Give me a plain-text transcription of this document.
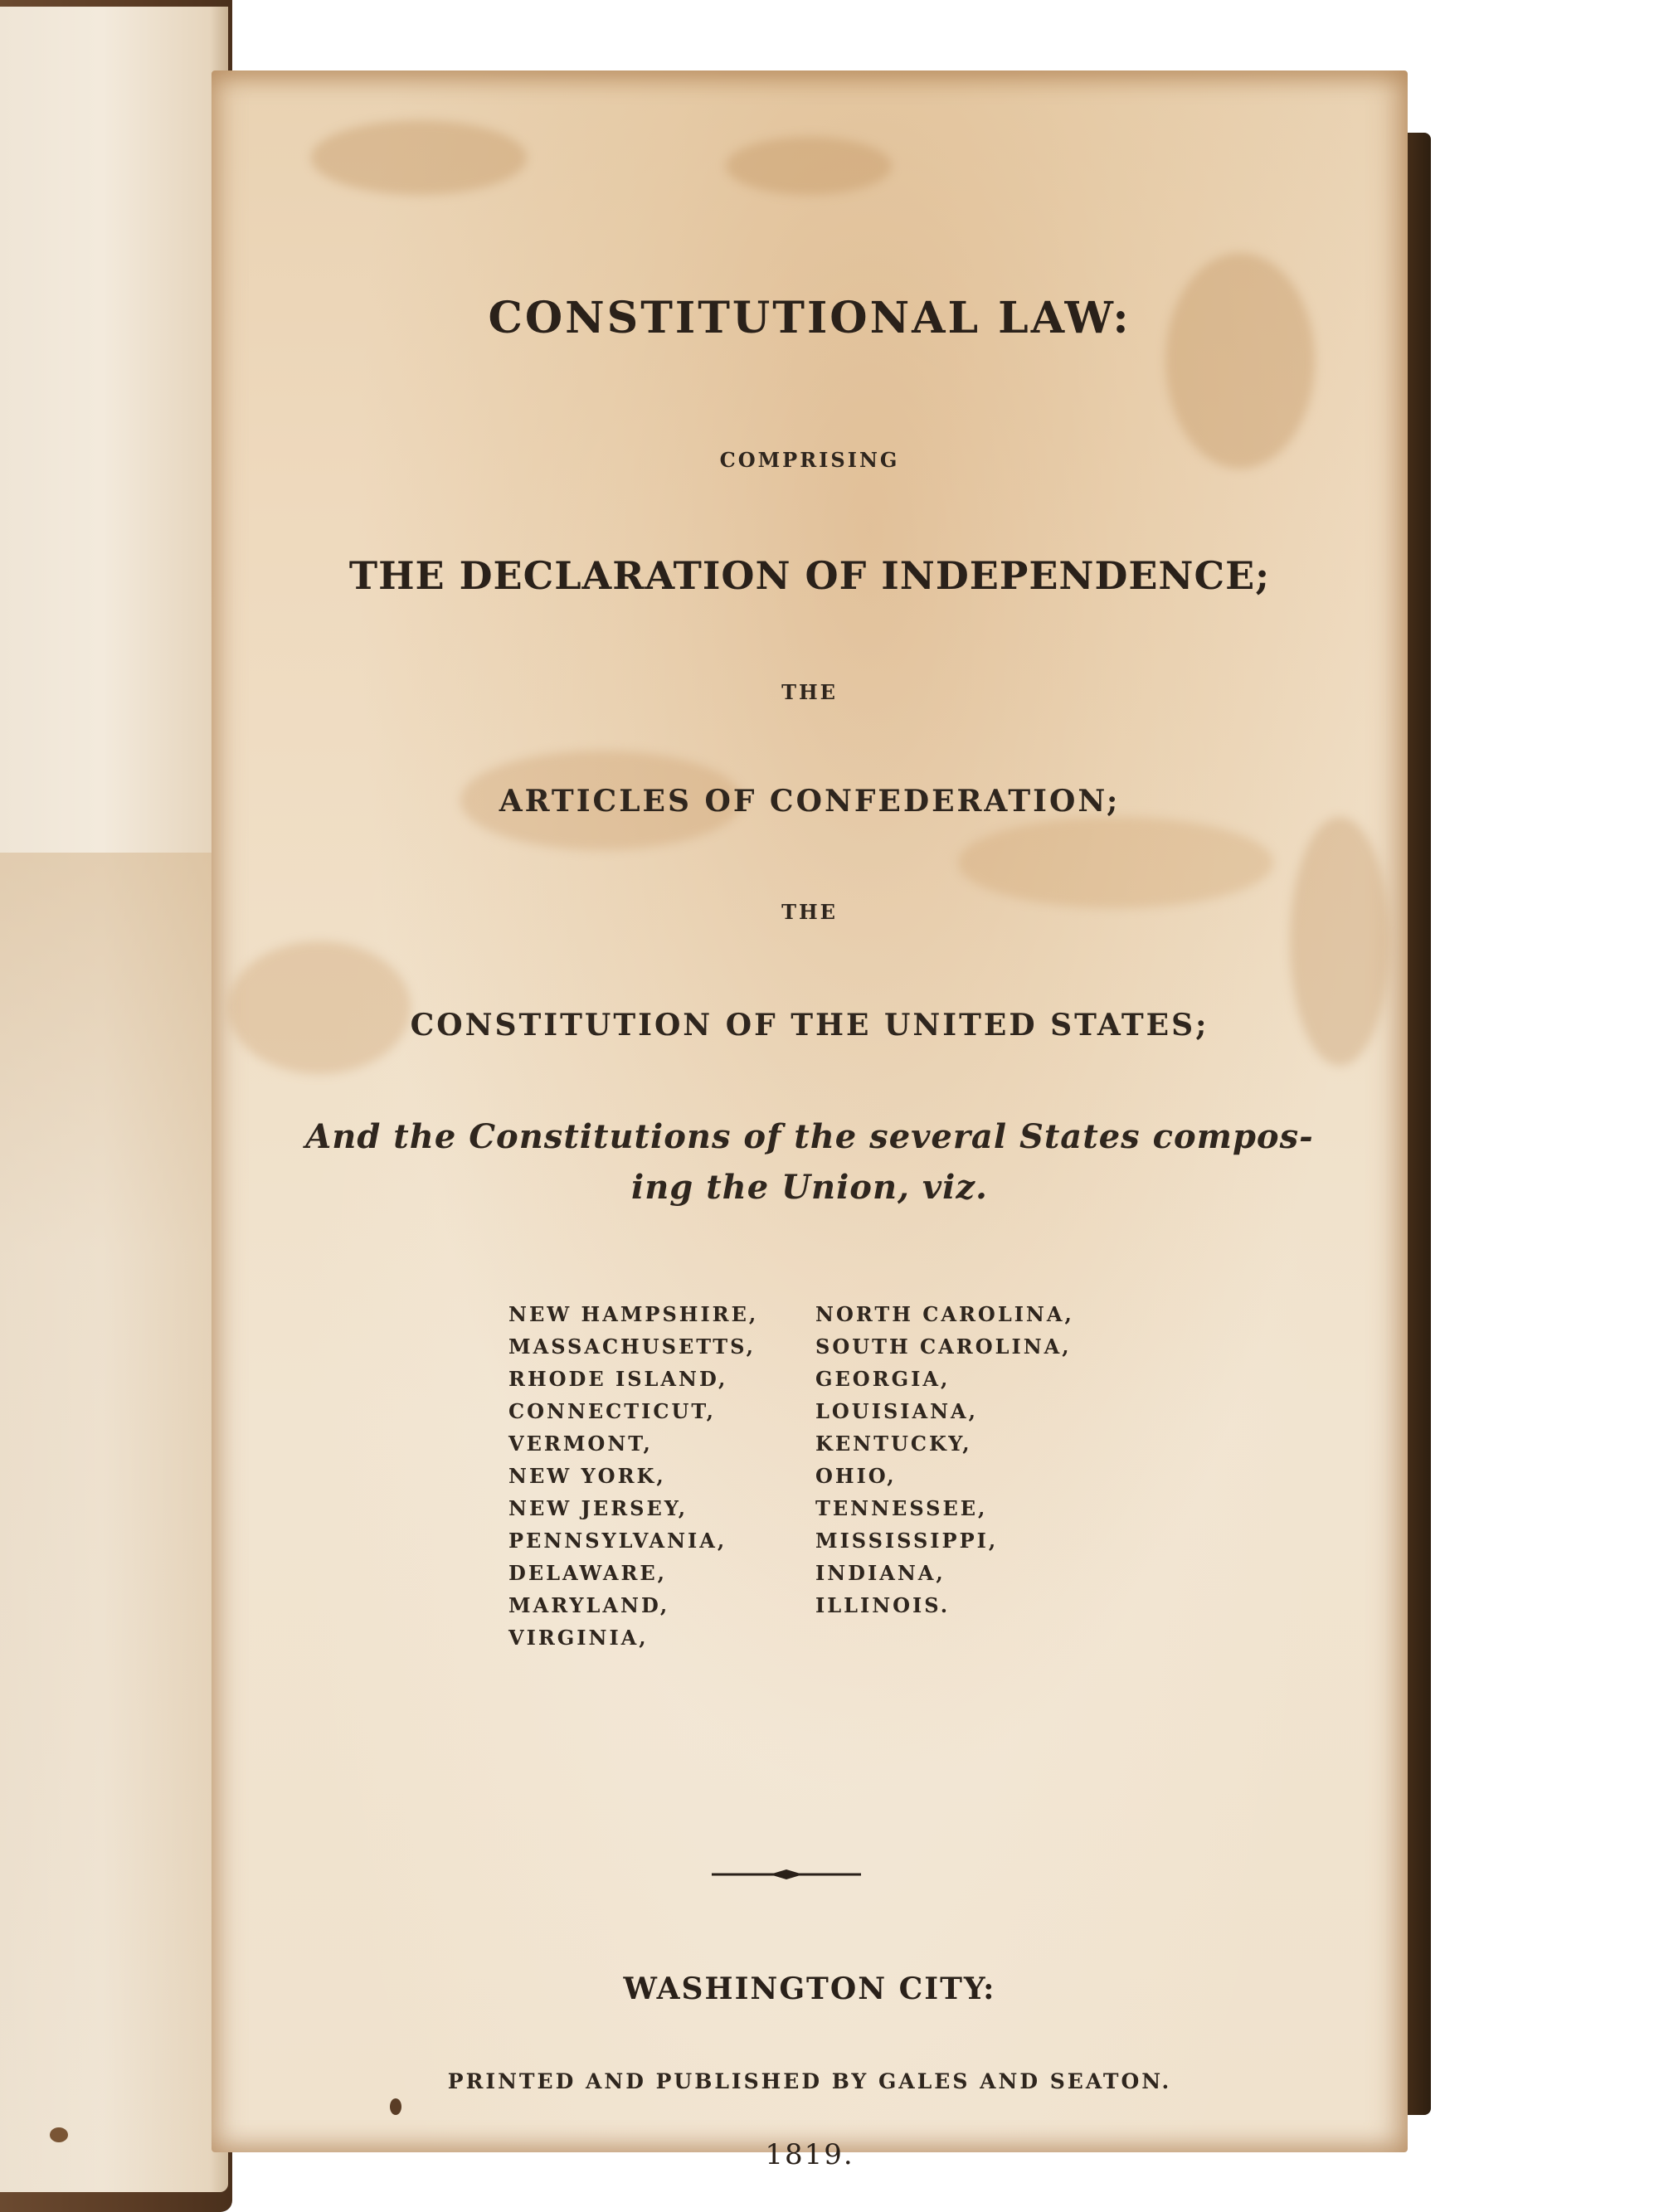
CONSTITUTIONAL LAW:
COMPRISING
THE DECLARATION OF INDEPENDENCE;
THE
ARTICLES OF CONFEDERATION;
THE
CONSTITUTION OF THE UNITED STATES;
And the Constitutions of the several States compos-
ing the Union, viz.
NEW HAMPSHIRE,
MASSACHUSETTS,
RHODE ISLAND,
CONNECTICUT,
VERMONT,
NEW YORK,
NEW JERSEY,
PENNSYLVANIA,
DELAWARE,
MARYLAND,
VIRGINIA,
NORTH CAROLINA,
SOUTH CAROLINA,
GEORGIA,
LOUISIANA,
KENTUCKY,
OHIO,
TENNESSEE,
MISSISSIPPI,
INDIANA,
ILLINOIS.
WASHINGTON CITY:
PRINTED AND PUBLISHED BY GALES AND SEATON.
1819.
